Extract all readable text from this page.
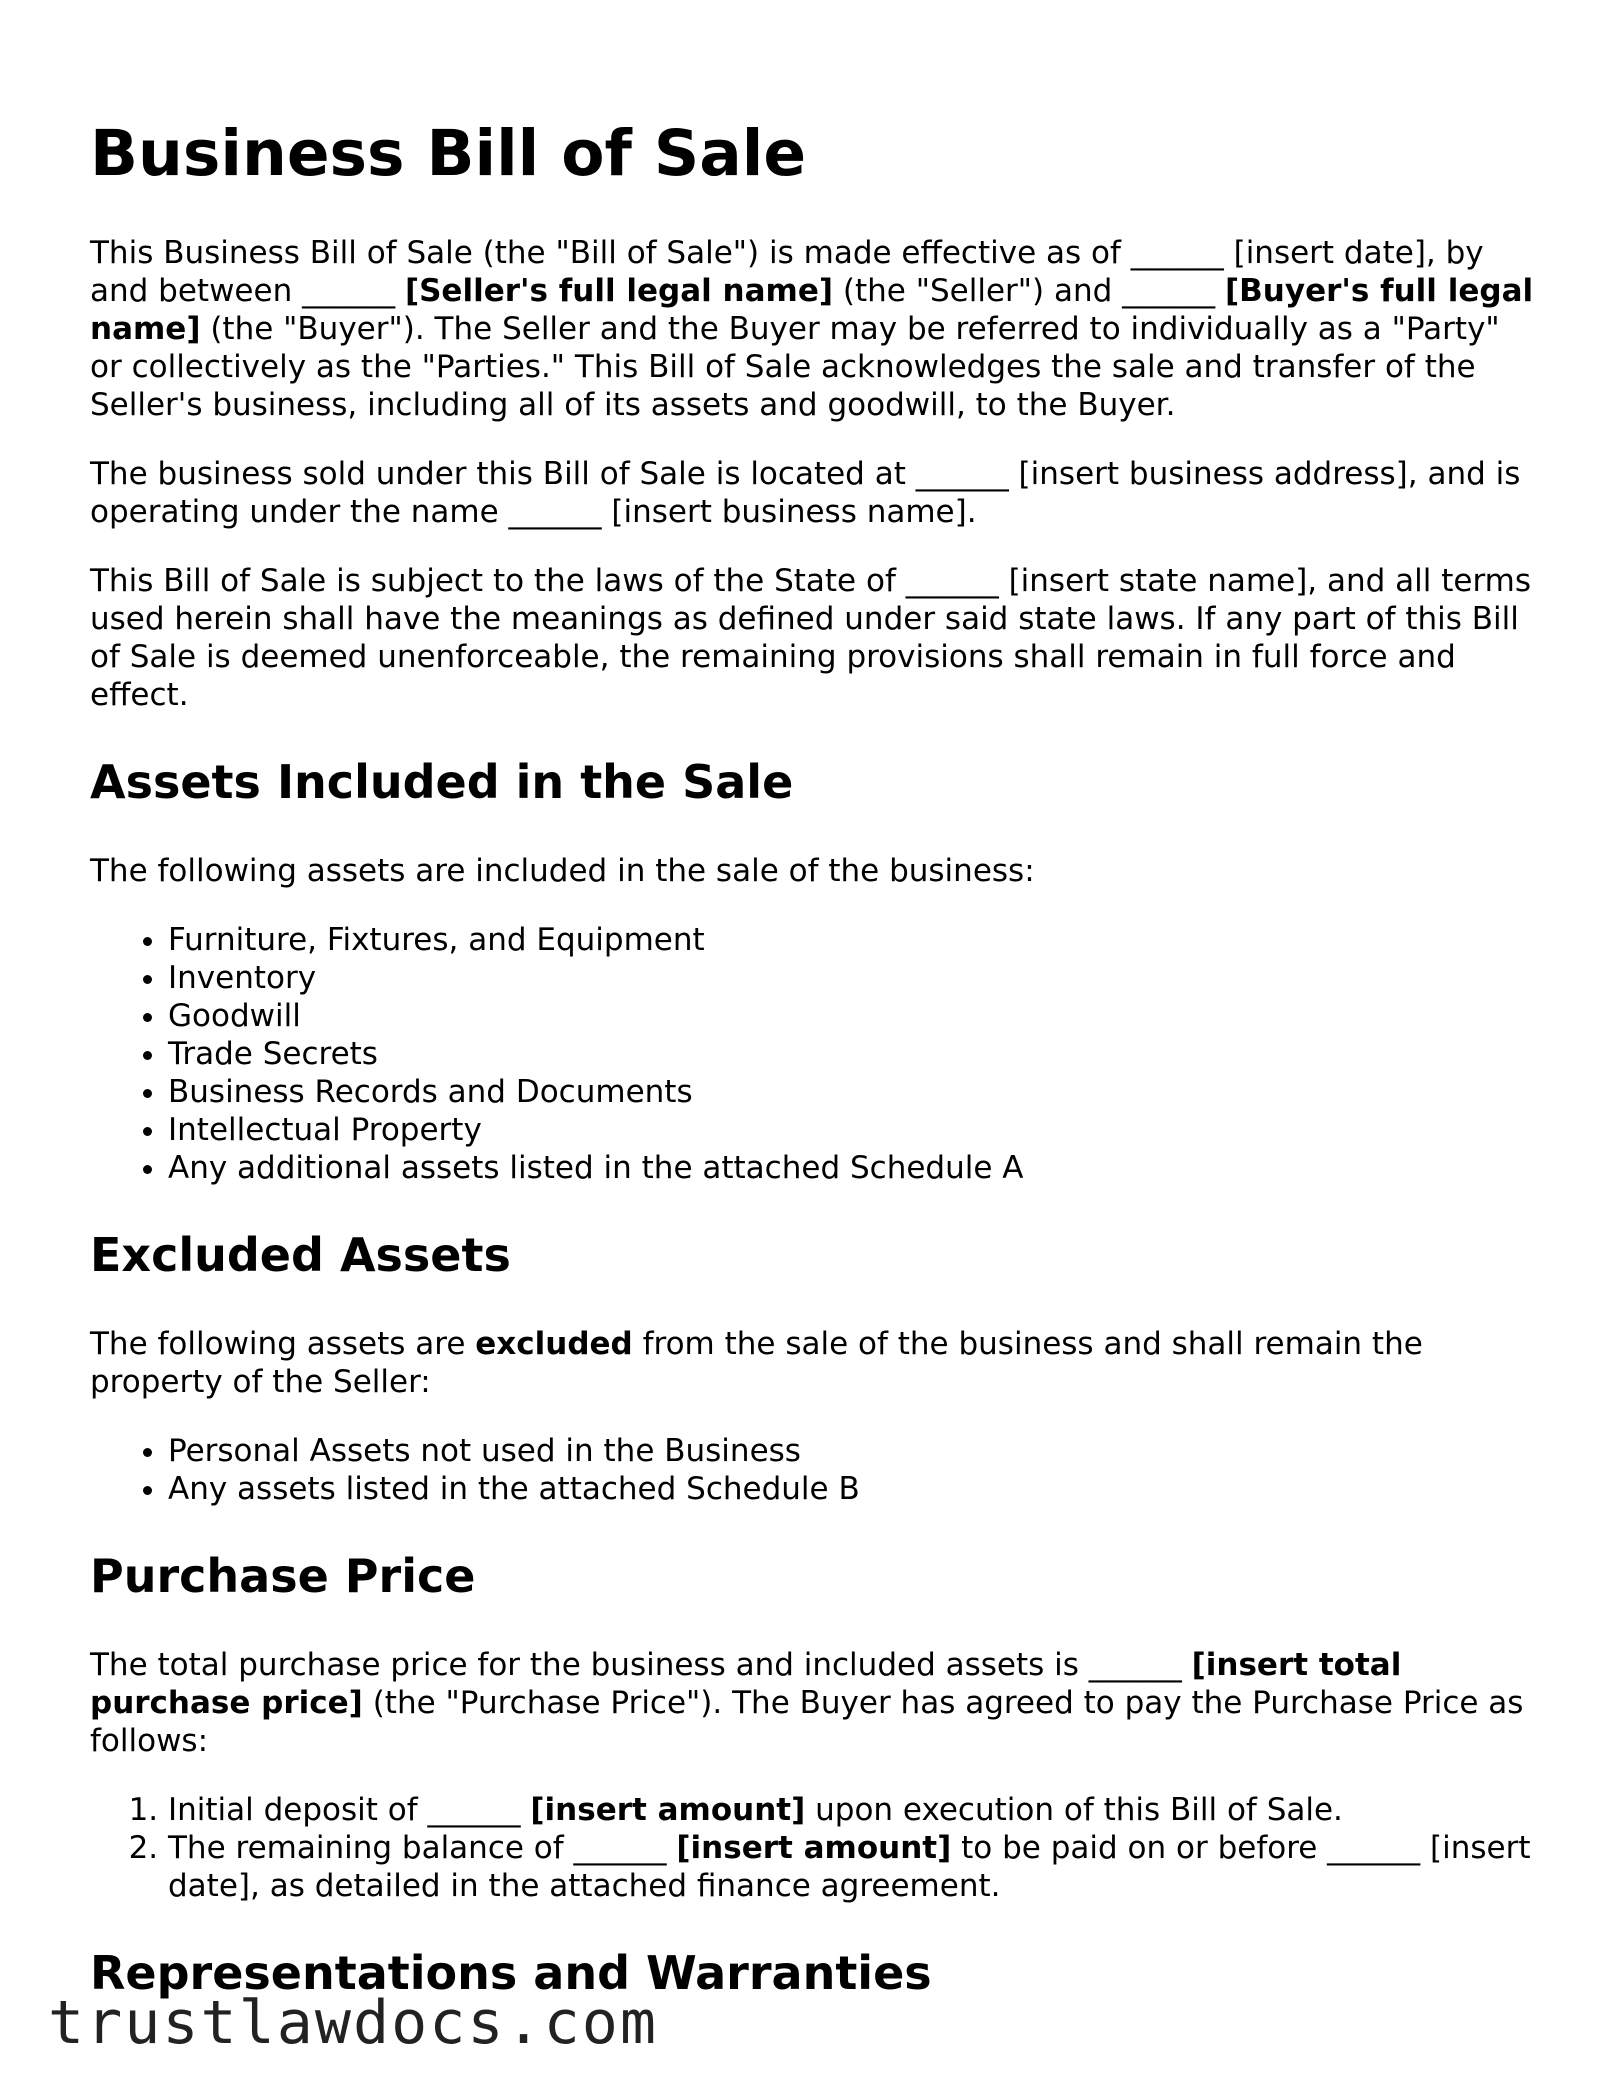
Business Bill of Sale

This Business Bill of Sale (the "Bill of Sale") is made effective as of ______ [insert date], by and between ______ [Seller's full legal name] (the "Seller") and ______ [Buyer's full legal name] (the "Buyer"). The Seller and the Buyer may be referred to individually as a "Party" or collectively as the "Parties." This Bill of Sale acknowledges the sale and transfer of the Seller's business, including all of its assets and goodwill, to the Buyer.

The business sold under this Bill of Sale is located at ______ [insert business address], and is operating under the name ______ [insert business name].

This Bill of Sale is subject to the laws of the State of ______ [insert state name], and all terms used herein shall have the meanings as defined under said state laws. If any part of this Bill of Sale is deemed unenforceable, the remaining provisions shall remain in full force and effect.

Assets Included in the Sale

The following assets are included in the sale of the business:

• Furniture, Fixtures, and Equipment
• Inventory
• Goodwill
• Trade Secrets
• Business Records and Documents
• Intellectual Property
• Any additional assets listed in the attached Schedule A
Excluded Assets

The following assets are excluded from the sale of the business and shall remain the property of the Seller:

• Personal Assets not used in the Business
• Any assets listed in the attached Schedule B
Purchase Price

The total purchase price for the business and included assets is ______ [insert total purchase price] (the "Purchase Price"). The Buyer has agreed to pay the Purchase Price as follows:

1. Initial deposit of ______ [insert amount] upon execution of this Bill of Sale.
2. The remaining balance of ______ [insert amount] to be paid on or before ______ [insert date], as detailed in the attached finance agreement.
Representations and Warranties
trustlawdocs.com
